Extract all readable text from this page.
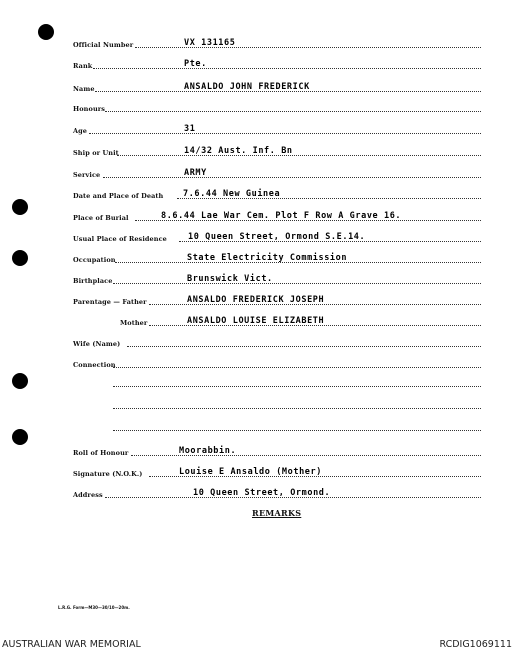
Official Number	VX 131165
Rank	Pte.
Name	ANSALDO JOHN FREDERICK
Honours
Age	31
Ship or Unit	14/32 Aust. Inf. Bn
Service	ARMY
Date and Place of Death 7.6.44 New Guinea
Place of Burial	8.6.44 Lae War Cem. Plot F Row A Grave 16.
Usual Place of Residence 10 Queen Street, Ormond S.E.14.
Occupation	State Electricity Commission
Birthplace	Brunswick Vict.
Parentage — Father	ANSALDO FREDERICK JOSEPH
Mother	ANSALDO LOUISE ELIZABETH
Wife (Name)
Connection
Roll of Honour	Moorabbin.
Signature (N.O.K.)	Louise E Ansaldo (Mother)
Address	10 Queen Street, Ormond.
REMARKS
L.R.G. Form—M30—30/10—20m.
AUSTRALIAN WAR MEMORIAL	RCDIG1069111
